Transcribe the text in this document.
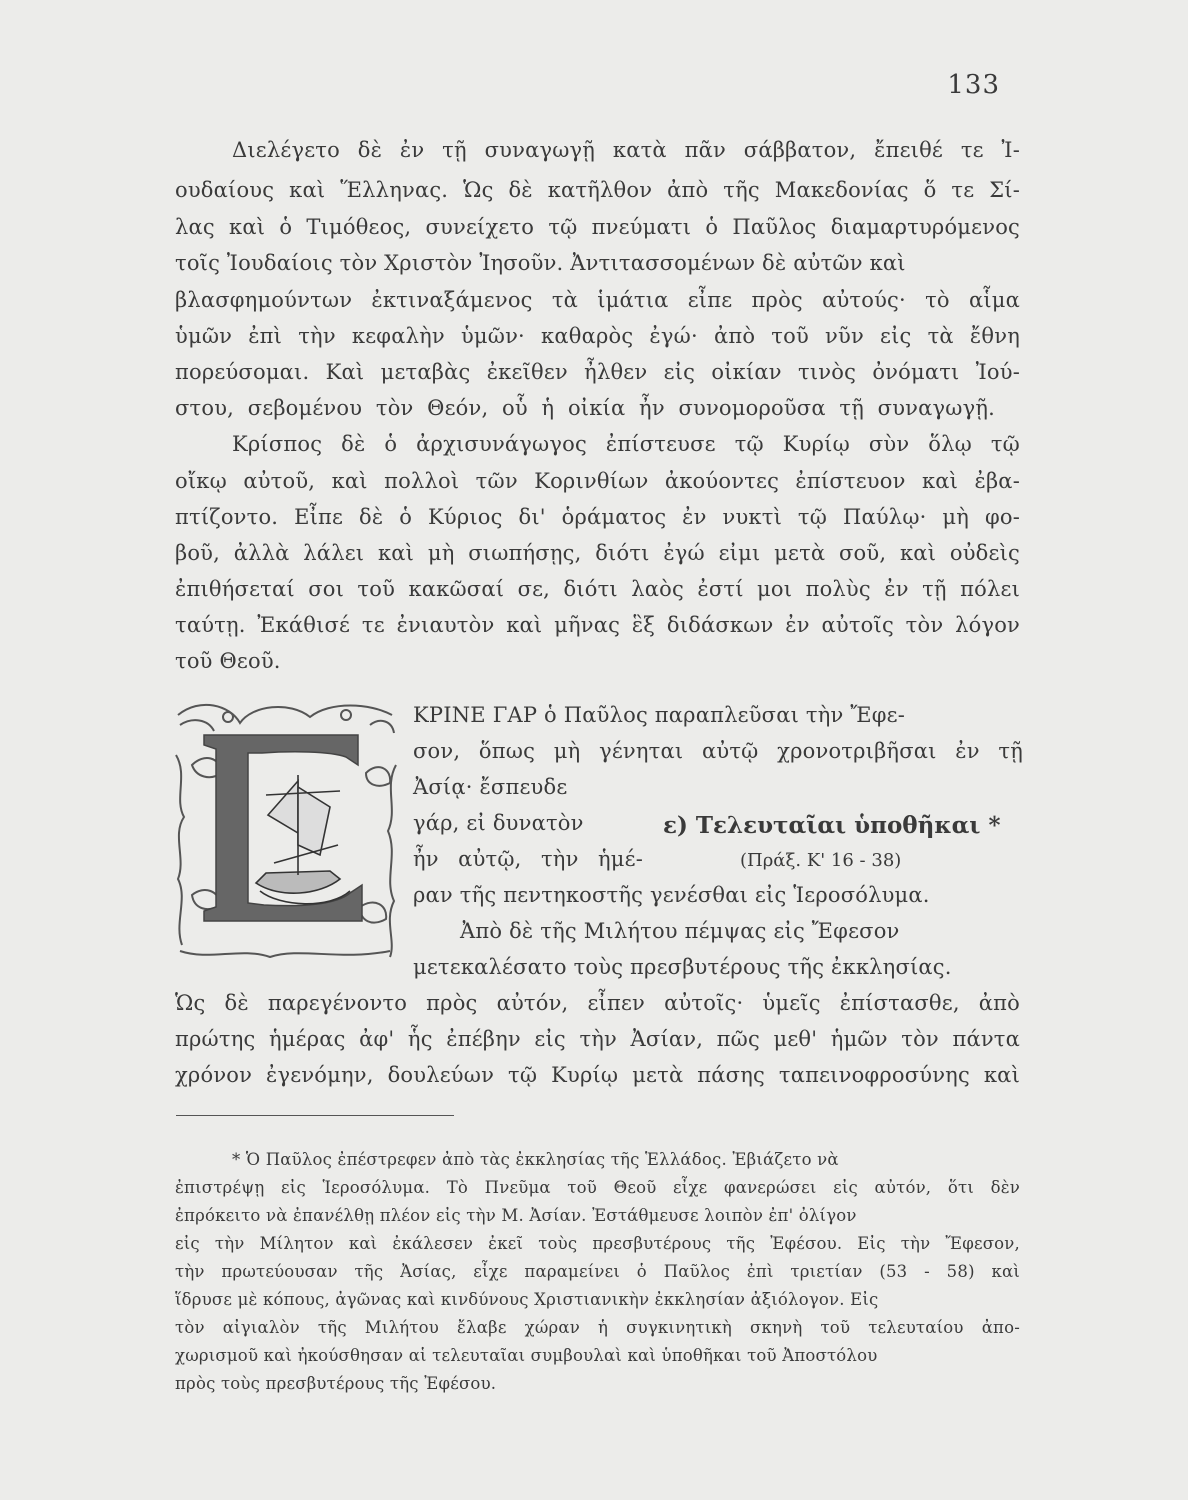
133

Διελέγετο δὲ ἐν τῇ συναγωγῇ κατὰ πᾶν σάββατον, ἔπειθέ τε Ἰ-

ουδαίους καὶ Ἕλληνας. Ὡς δὲ κατῆλθον ἀπὸ τῆς Μακεδονίας ὅ τε Σί-

λας καὶ ὁ Τιμόθεος, συνείχετο τῷ πνεύματι ὁ Παῦλος διαμαρτυρόμενος

τοῖς Ἰουδαίοις τὸν Χριστὸν Ἰησοῦν. Ἀντιτασσομένων δὲ αὐτῶν καὶ

βλασφημούντων ἐκτιναξάμενος τὰ ἱμάτια εἶπε πρὸς αὐτούς· τὸ αἷμα

ὑμῶν ἐπὶ τὴν κεφαλὴν ὑμῶν· καθαρὸς ἐγώ· ἀπὸ τοῦ νῦν εἰς τὰ ἔθνη

πορεύσομαι. Καὶ μεταβὰς ἐκεῖθεν ἦλθεν εἰς οἰκίαν τινὸς ὀνόματι Ἰού-

στου, σεβομένου τὸν Θεόν, οὗ ἡ οἰκία ἦν συνομοροῦσα τῇ συναγωγῇ.

Κρίσπος δὲ ὁ ἀρχισυνάγωγος ἐπίστευσε τῷ Κυρίῳ σὺν ὅλῳ τῷ

οἴκῳ αὐτοῦ, καὶ πολλοὶ τῶν Κορινθίων ἀκούοντες ἐπίστευον καὶ ἐβα-

πτίζοντο. Εἶπε δὲ ὁ Κύριος δι' ὁράματος ἐν νυκτὶ τῷ Παύλῳ· μὴ φο-

βοῦ, ἀλλὰ λάλει καὶ μὴ σιωπήσῃς, διότι ἐγώ εἰμι μετὰ σοῦ, καὶ οὐδεὶς

ἐπιθήσεταί σοι τοῦ κακῶσαί σε, διότι λαὸς ἐστί μοι πολὺς ἐν τῇ πόλει

ταύτῃ. Ἐκάθισέ τε ἐνιαυτὸν καὶ μῆνας ἓξ διδάσκων ἐν αὐτοῖς τὸν λόγον

τοῦ Θεοῦ.

ΚΡΙΝΕ ΓΑΡ ὁ Παῦλος παραπλεῦσαι τὴν Ἔφε-

σον, ὅπως μὴ γένηται αὐτῷ χρονοτριβῆσαι ἐν τῇ

Ἀσίᾳ· ἔσπευδε

γάρ, εἰ δυνατὸν

ἦν αὐτῷ, τὴν ἡμέ-

ραν τῆς πεντηκοστῆς γενέσθαι εἰς Ἱεροσόλυμα.

Ἀπὸ δὲ τῆς Μιλήτου πέμψας εἰς Ἔφεσον

μετεκαλέσατο τοὺς πρεσβυτέρους τῆς ἐκκλησίας.

Ὡς δὲ παρεγένοντο πρὸς αὐτόν, εἶπεν αὐτοῖς· ὑμεῖς ἐπίστασθε, ἀπὸ

πρώτης ἡμέρας ἀφ' ἧς ἐπέβην εἰς τὴν Ἀσίαν, πῶς μεθ' ἡμῶν τὸν πάντα

χρόνον ἐγενόμην, δουλεύων τῷ Κυρίῳ μετὰ πάσης ταπεινοφροσύνης καὶ

ε) Τελευταῖαι ὑποθῆκαι *
(Πράξ. Κ' 16 - 38)

* Ὁ Παῦλος ἐπέστρεφεν ἀπὸ τὰς ἐκκλησίας τῆς Ἑλλάδος. Ἐβιάζετο νὰ

ἐπιστρέψῃ εἰς Ἱεροσόλυμα. Τὸ Πνεῦμα τοῦ Θεοῦ εἶχε φανερώσει εἰς αὐτόν, ὅτι δὲν

ἐπρόκειτο νὰ ἐπανέλθῃ πλέον εἰς τὴν Μ. Ἀσίαν. Ἐστάθμευσε λοιπὸν ἐπ' ὀλίγον

εἰς τὴν Μίλητον καὶ ἐκάλεσεν ἐκεῖ τοὺς πρεσβυτέρους τῆς Ἐφέσου. Εἰς τὴν Ἔφεσον,

τὴν πρωτεύουσαν τῆς Ἀσίας, εἶχε παραμείνει ὁ Παῦλος ἐπὶ τριετίαν (53 - 58) καὶ

ἵδρυσε μὲ κόπους, ἀγῶνας καὶ κινδύνους Χριστιανικὴν ἐκκλησίαν ἀξιόλογον. Εἰς

τὸν αἰγιαλὸν τῆς Μιλήτου ἔλαβε χώραν ἡ συγκινητικὴ σκηνὴ τοῦ τελευταίου ἀπο-

χωρισμοῦ καὶ ἠκούσθησαν αἱ τελευταῖαι συμβουλαὶ καὶ ὑποθῆκαι τοῦ Ἀποστόλου

πρὸς τοὺς πρεσβυτέρους τῆς Ἐφέσου.
